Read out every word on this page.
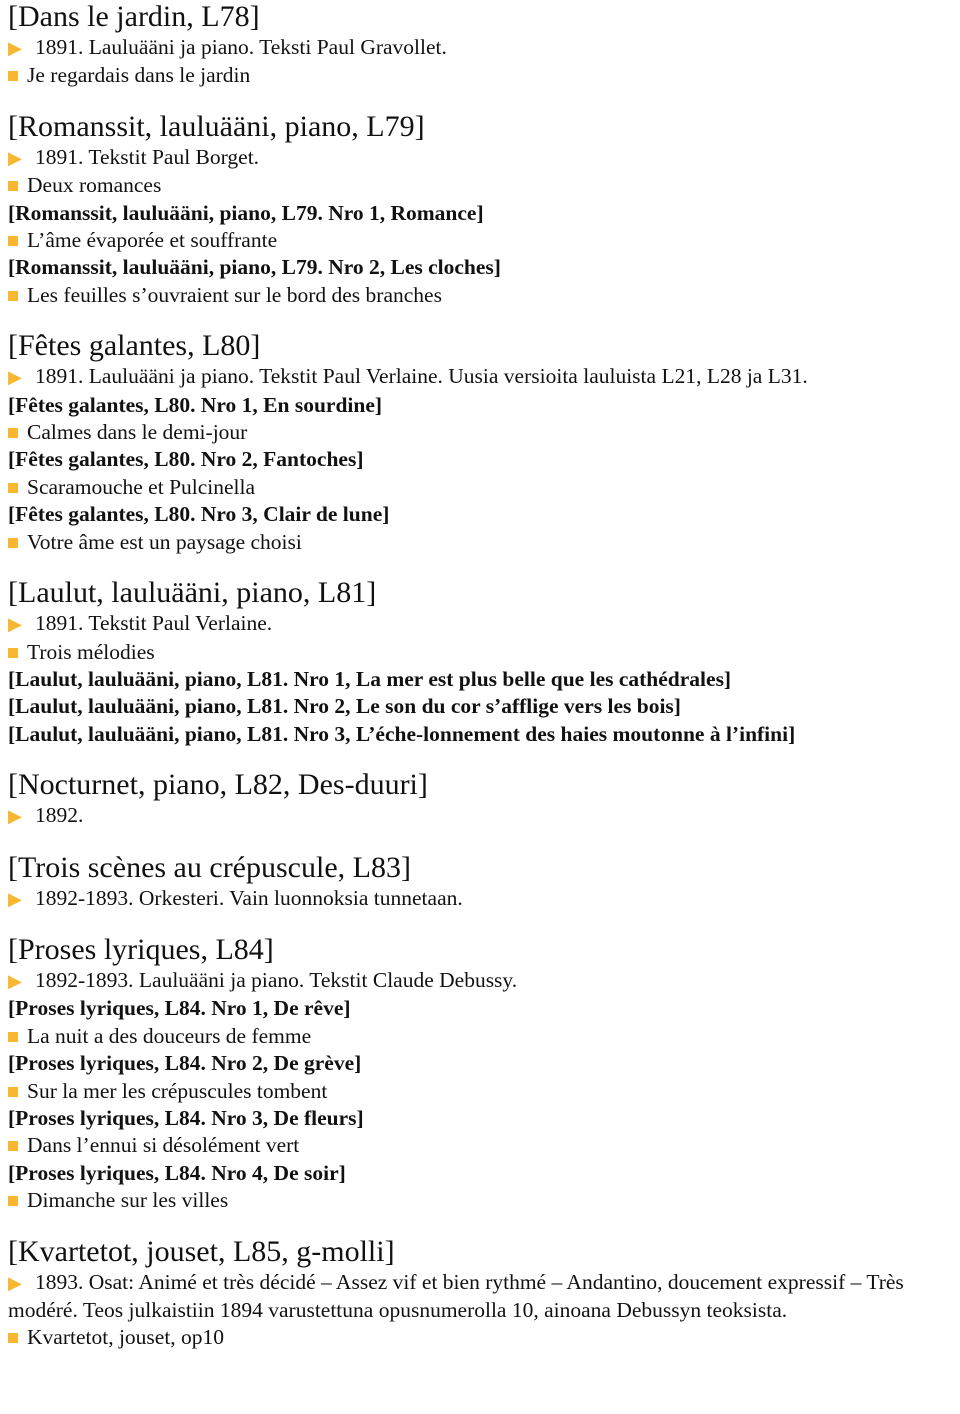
[Dans le jardin, L78]
▶ 1891. Lauluääni ja piano. Teksti Paul Gravollet.
Je regardais dans le jardin
[Romanssit, lauluääni, piano, L79]
▶ 1891. Tekstit Paul Borget.
Deux romances
[Romanssit, lauluääni, piano, L79. Nro 1, Romance]
L’âme évaporée et souffrante
[Romanssit, lauluääni, piano, L79. Nro 2, Les cloches]
Les feuilles s’ouvraient sur le bord des branches
[Fêtes galantes, L80]
▶ 1891. Lauluääni ja piano. Tekstit Paul Verlaine. Uusia versioita lauluista L21, L28 ja L31.
[Fêtes galantes, L80. Nro 1, En sourdine]
Calmes dans le demi-jour
[Fêtes galantes, L80. Nro 2, Fantoches]
Scaramouche et Pulcinella
[Fêtes galantes, L80. Nro 3, Clair de lune]
Votre âme est un paysage choisi
[Laulut, lauluääni, piano, L81]
▶ 1891. Tekstit Paul Verlaine.
Trois mélodies
[Laulut, lauluääni, piano, L81. Nro 1, La mer est plus belle que les cathédrales]
[Laulut, lauluääni, piano, L81. Nro 2, Le son du cor s’afflige vers les bois]
[Laulut, lauluääni, piano, L81. Nro 3, L’éche-lonnement des haies moutonne à l’infini]
[Nocturnet, piano, L82, Des-duuri]
▶ 1892.
[Trois scènes au crépuscule, L83]
▶ 1892-1893. Orkesteri. Vain luonnoksia tunnetaan.
[Proses lyriques, L84]
▶ 1892-1893. Lauluääni ja piano. Tekstit Claude Debussy.
[Proses lyriques, L84. Nro 1, De rêve]
La nuit a des douceurs de femme
[Proses lyriques, L84. Nro 2, De grève]
Sur la mer les crépuscules tombent
[Proses lyriques, L84. Nro 3, De fleurs]
Dans l’ennui si désolément vert
[Proses lyriques, L84. Nro 4, De soir]
Dimanche sur les villes
[Kvartetot, jouset, L85, g-molli]
▶ 1893. Osat: Animé et très décidé – Assez vif et bien rythmé – Andantino, doucement expressif – Très modéré. Teos julkaistiin 1894 varustettuna opusnumerolla 10, ainoana Debussyn teoksista.
Kvartetot, jouset, op10
